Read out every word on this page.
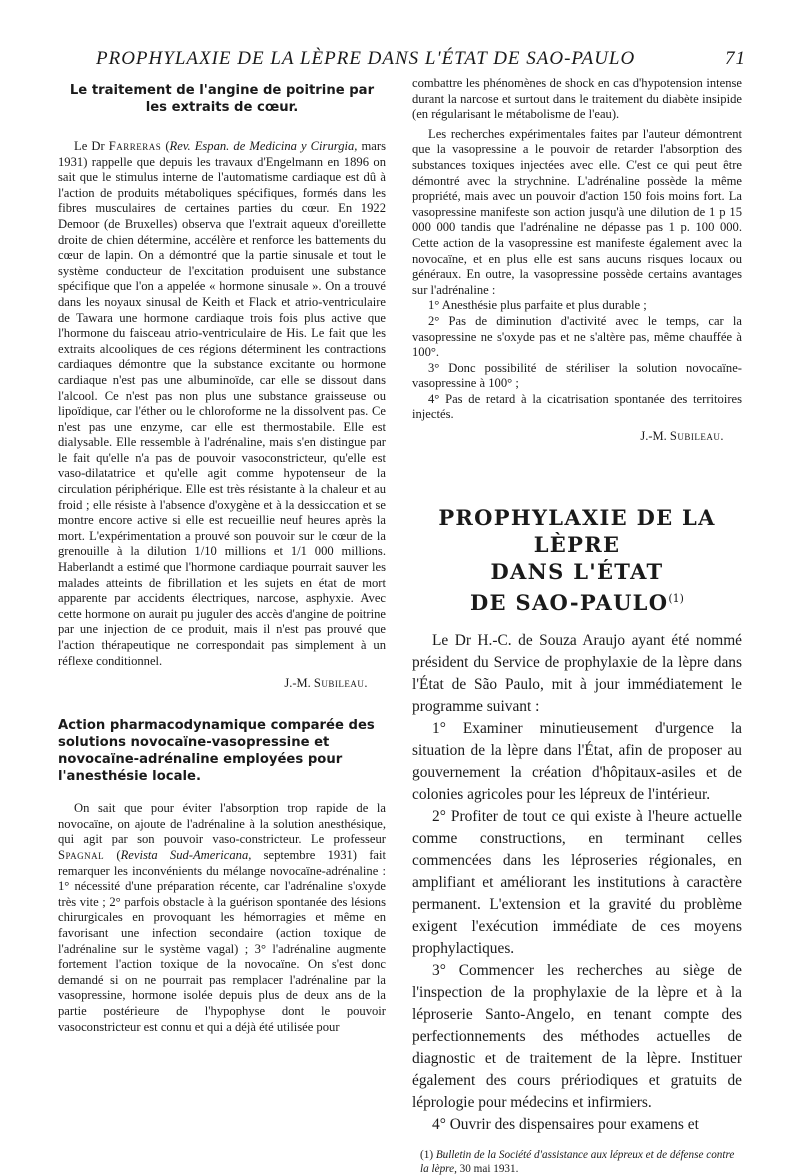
PROPHYLAXIE DE LA LÈPRE DANS L'ÉTAT DE SAO-PAULO	71
Le traitement de l'angine de poitrine par les extraits de cœur.

Le Dr Farreras (Rev. Espan. de Medicina y Cirurgia, mars 1931) rappelle que depuis les travaux d'Engelmann en 1896 on sait que le stimulus interne de l'automatisme cardiaque est dû à l'action de produits métaboliques spécifiques, formés dans les fibres musculaires de certaines parties du cœur. En 1922 Demoor (de Bruxelles) observa que l'extrait aqueux d'oreillette droite de chien détermine, accélère et renforce les battements du cœur de lapin. On a démontré que la partie sinusale et tout le système conducteur de l'excitation produisent une substance spécifique que l'on a appelée « hormone sinusale ». On a trouvé dans les noyaux sinusal de Keith et Flack et atrio-ventriculaire de Tawara une hormone cardiaque trois fois plus active que l'hormone du faisceau atrio-ventriculaire de His. Le fait que les extraits alcooliques de ces régions déterminent les contractions cardiaques démontre que la substance excitante ou hormone cardiaque n'est pas une albuminoïde, car elle se dissout dans l'alcool. Ce n'est pas non plus une substance graisseuse ou lipoïdique, car l'éther ou le chloroforme ne la dissolvent pas. Ce n'est pas une enzyme, car elle est thermostabile. Elle est dialysable. Elle ressemble à l'adrénaline, mais s'en distingue par le fait qu'elle n'a pas de pouvoir vasoconstricteur, qu'elle est vaso-dilatatrice et qu'elle agit comme hypotenseur de la circulation périphérique. Elle est très résistante à la chaleur et au froid ; elle résiste à l'absence d'oxygène et à la dessiccation et se montre encore active si elle est recueillie neuf heures après la mort. L'expérimentation a prouvé son pouvoir sur le cœur de la grenouille à la dilution 1/10 millions et 1/1 000 millions. Haberlandt a estimé que l'hormone cardiaque pourrait sauver les malades atteints de fibrillation et les sujets en état de mort apparente par accidents électriques, narcose, asphyxie. Avec cette hormone on aurait pu juguler des accès d'angine de poitrine par une injection de ce produit, mais il n'est pas prouvé que l'action thérapeutique ne correspondait pas simplement à un réflexe conditionnel.

J.-M. Subileau.

Action pharmacodynamique comparée des solutions novocaïne-vasopressine et novocaïne-adrénaline employées pour l'anesthésie locale.

On sait que pour éviter l'absorption trop rapide de la novocaïne, on ajoute de l'adrénaline à la solution anesthésique, qui agit par son pouvoir vaso-constricteur. Le professeur Spagnal (Revista Sud-Americana, septembre 1931) fait remarquer les inconvénients du mélange novocaïne-adrénaline : 1° nécessité d'une préparation récente, car l'adrénaline s'oxyde très vite ; 2° parfois obstacle à la guérison spontanée des lésions chirurgicales en provoquant les hémorragies et même en favorisant une infection secondaire (action toxique de l'adrénaline sur le système vagal) ; 3° l'adrénaline augmente fortement l'action toxique de la novocaïne. On s'est donc demandé si on ne pourrait pas remplacer l'adrénaline par la vasopressine, hormone isolée depuis plus de deux ans de la partie postérieure de l'hypophyse dont le pouvoir vasoconstricteur est connu et qui a déjà été utilisée pour

combattre les phénomènes de shock en cas d'hypotension intense durant la narcose et surtout dans le traitement du diabète insipide (en régularisant le métabolisme de l'eau).

Les recherches expérimentales faites par l'auteur démontrent que la vasopressine a le pouvoir de retarder l'absorption des substances toxiques injectées avec elle. C'est ce qui peut être démontré avec la strychnine. L'adrénaline possède la même propriété, mais avec un pouvoir d'action 150 fois moins fort. La vasopressine manifeste son action jusqu'à une dilution de 1 p 15 000 000 tandis que l'adrénaline ne dépasse pas 1 p. 100 000. Cette action de la vasopressine est manifeste également avec la novocaïne, et en plus elle est sans aucuns risques locaux ou généraux. En outre, la vasopressine possède certains avantages sur l'adrénaline :

1° Anesthésie plus parfaite et plus durable ;

2° Pas de diminution d'activité avec le temps, car la vasopressine ne s'oxyde pas et ne s'altère pas, même chauffée à 100°.

3° Donc possibilité de stériliser la solution novocaïne-vasopressine à 100° ;

4° Pas de retard à la cicatrisation spontanée des territoires injectés.

J.-M. Subileau.

PROPHYLAXIE DE LA LÈPRE
DANS L'ÉTAT
DE SAO-PAULO$^{(1)}$

Le Dr H.-C. de Souza Araujo ayant été nommé président du Service de prophylaxie de la lèpre dans l'État de São Paulo, mit à jour immédiatement le programme suivant :

1° Examiner minutieusement d'urgence la situation de la lèpre dans l'État, afin de proposer au gouvernement la création d'hôpitaux-asiles et de colonies agricoles pour les lépreux de l'intérieur.

2° Profiter de tout ce qui existe à l'heure actuelle comme constructions, en terminant celles commencées dans les léproseries régionales, en amplifiant et améliorant les institutions à caractère permanent. L'extension et la gravité du problème exigent l'exécution immédiate de ces moyens prophylactiques.

3° Commencer les recherches au siège de l'inspection de la prophylaxie de la lèpre et à la léproserie Santo-Angelo, en tenant compte des perfectionnements des méthodes actuelles de diagnostic et de traitement de la lèpre. Instituer également des cours prériodiques et gratuits de léprologie pour médecins et infirmiers.

4° Ouvrir des dispensaires pour examens et

(1) Bulletin de la Société d'assistance aux lépreux et de défense contre la lèpre, 30 mai 1931.
